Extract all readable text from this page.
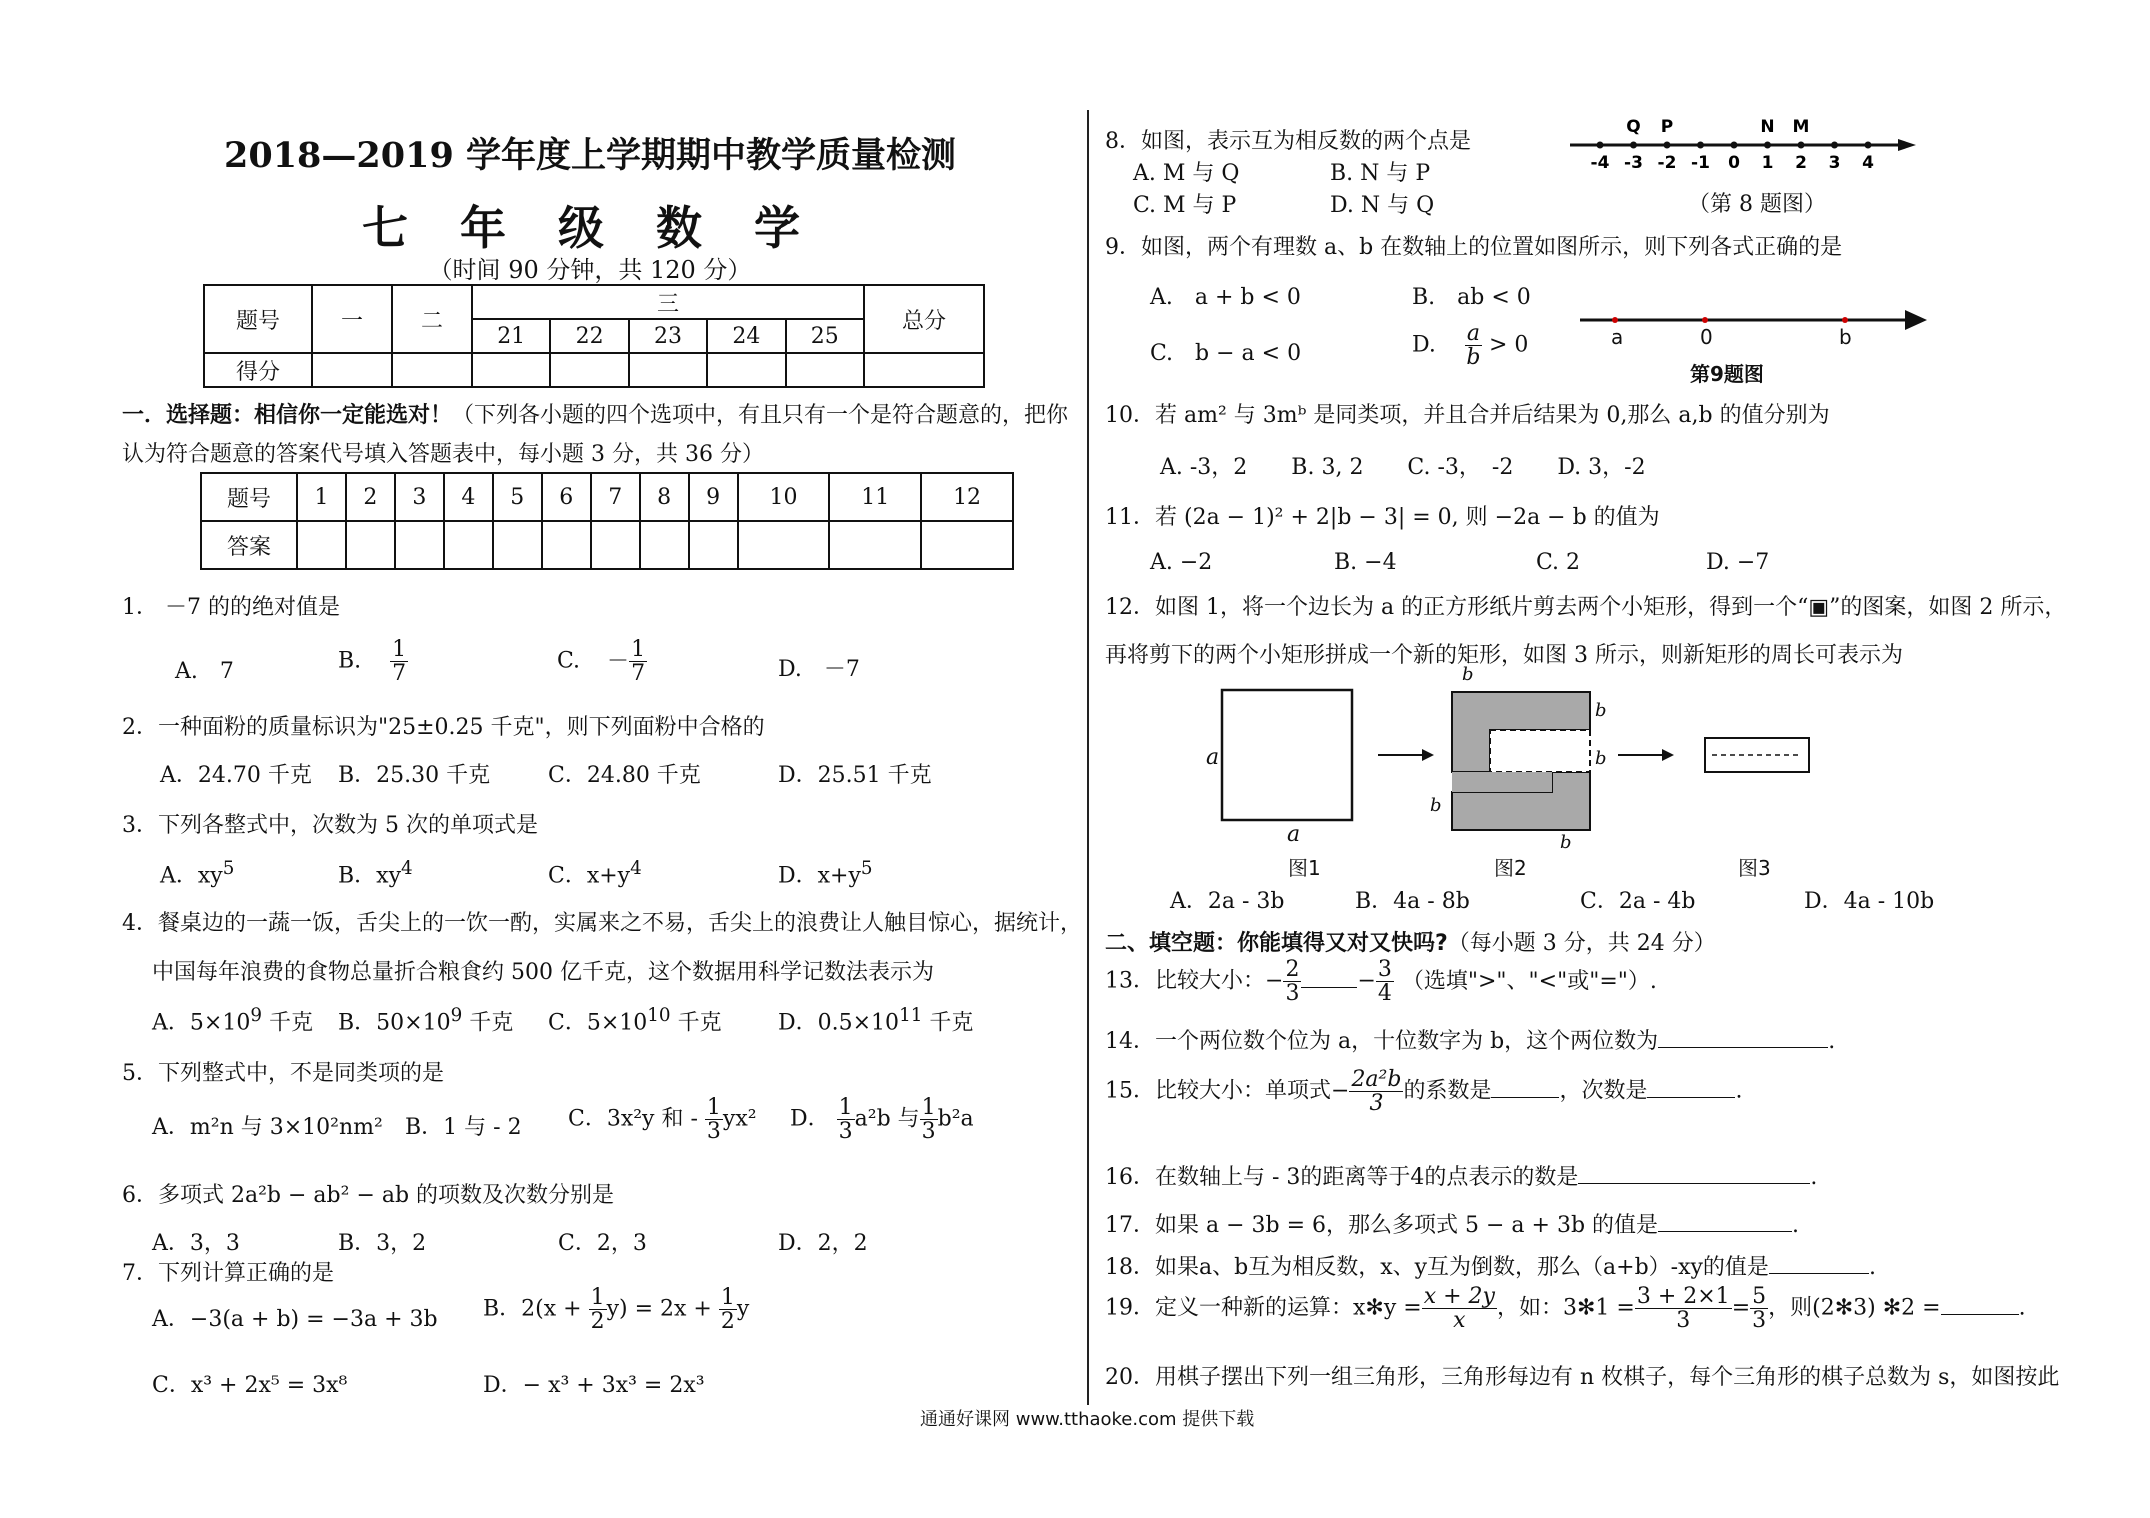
2018—2019 学年度上学期期中教学质量检测
七 年 级 数 学
（时间 90 分钟，共 120 分）
题号	一	二	三					总分
			21	22	23	24	25	
得分								
一．选择题：相信你一定能选对！（下列各小题的四个选项中，有且只有一个是符合题意的，把你
认为符合题意的答案代号填入答题表中，每小题 3 分，共 36 分）
题号	1	2	3	4	5	6	7	8	9	10	11	12
答案												
1． －7 的的绝对值是
A.　7	B. $\frac{1}{7}$	C. － $\frac{1}{7}$	D.　－7
2．一种面粉的质量标识为"25±0.25 千克"，则下列面粉中合格的
A．24.70 千克 B．25.30 千克	C．24.80 千克	D．25.51 千克
3．下列各整式中，次数为 5 次的单项式是
A．$xy^5$	B．$xy^4$	C．$x+y^4$	D．$x+y^5$
4．餐桌边的一蔬一饭，舌尖上的一饮一酌，实属来之不易，舌尖上的浪费让人触目惊心，据统计，
中国每年浪费的食物总量折合粮食约 500 亿千克，这个数据用科学记数法表示为
A．$5\times 10^9$ 千克 B．$50\times 10^9$ 千克 C．$5\times 10^{10}$ 千克	D．$0.5\times 10^{11}$ 千克
5．下列整式中，不是同类项的是
A．m²n 与 3×10²nm² B．1 与 - 2 C．3x²y 和 - $\frac{1}{3} yx^2$ D． $\frac{1}{3} a^2b$ 与 $\frac{1}{3} b^2a$
6．多项式 2a²b − ab² − ab 的项数及次数分别是
A．3，3	B．3，2	C．2，3	D．2，2
7．下列计算正确的是
A．−3(a + b) = −3a + 3b B．$2(x + \frac{1}{2} y) = 2x + \frac{1}{2}$ y
C．x³ + 2x⁵ = 3x⁸	D．− x³ + 3x³ = 2x³
8．如图，表示互为相反数的两个点是
A. M 与 Q	B. N 与 P
C. M 与 P	D. N 与 Q
-4 -3 -2 -1 0 1 2 3 4
Q P	N M
（第 8 题图）
9．如图，两个有理数 a、b 在数轴上的位置如图所示，则下列各式正确的是
A.　a + b < 0	B.　ab < 0
C.　b − a < 0	D. $\frac{a}{b} > 0$	a	0	b
第9题图
10．若 am² 与 3mᵇ 是同类项，并且合并后结果为 0,那么 a,b 的值分别为
A. -3，2　　B. 3, 2　　C. -3，　-2　　D. 3，-2
11．若 (2a − 1)² + 2|b − 3| = 0, 则 −2a − b 的值为
A. −2	B. −4	C. 2	D. −7
12．如图 1，将一个边长为 a 的正方形纸片剪去两个小矩形，得到一个“▣”的图案，如图 2 所示，
再将剪下的两个小矩形拼成一个新的矩形，如图 3 所示，则新矩形的周长可表示为
a
a
b
b
b
b
b
图1	图2	图3
A．2a - 3b	B．4a - 8b	C．2a - 4b	D．4a - 10b
二、填空题：你能填得又对又快吗?（每小题 3 分，共 24 分）
13．比较大小：− $\frac{2}{3}$	− $\frac{3}{4}$ （选填">"、"<"或"="）.
14．一个两位数个位为 a，十位数字为 b，这个两位数为	.
15．比较大小：单项式− $\frac{\text{2a²b}}{3}$ 的系数是	，次数是	.
16．在数轴上与 - 3的距离等于4的点表示的数是	.
17．如果 a − 3b = 6，那么多项式 5 − a + 3b 的值是	.
18．如果a、b互为相反数，x、y互为倒数，那么（a+b）-xy的值是	.
19．定义一种新的运算：x✻y = $\frac{x + 2y}{x}$ ，如：3✻1 = $\frac{3 + 2\times 1}{3} = \frac{5}{3}$ ，则(2✻3) ✻2 =	.
20．用棋子摆出下列一组三角形，三角形每边有 n 枚棋子，每个三角形的棋子总数为 s，如图按此
通通好课网 www.tthaoke.com 提供下载
